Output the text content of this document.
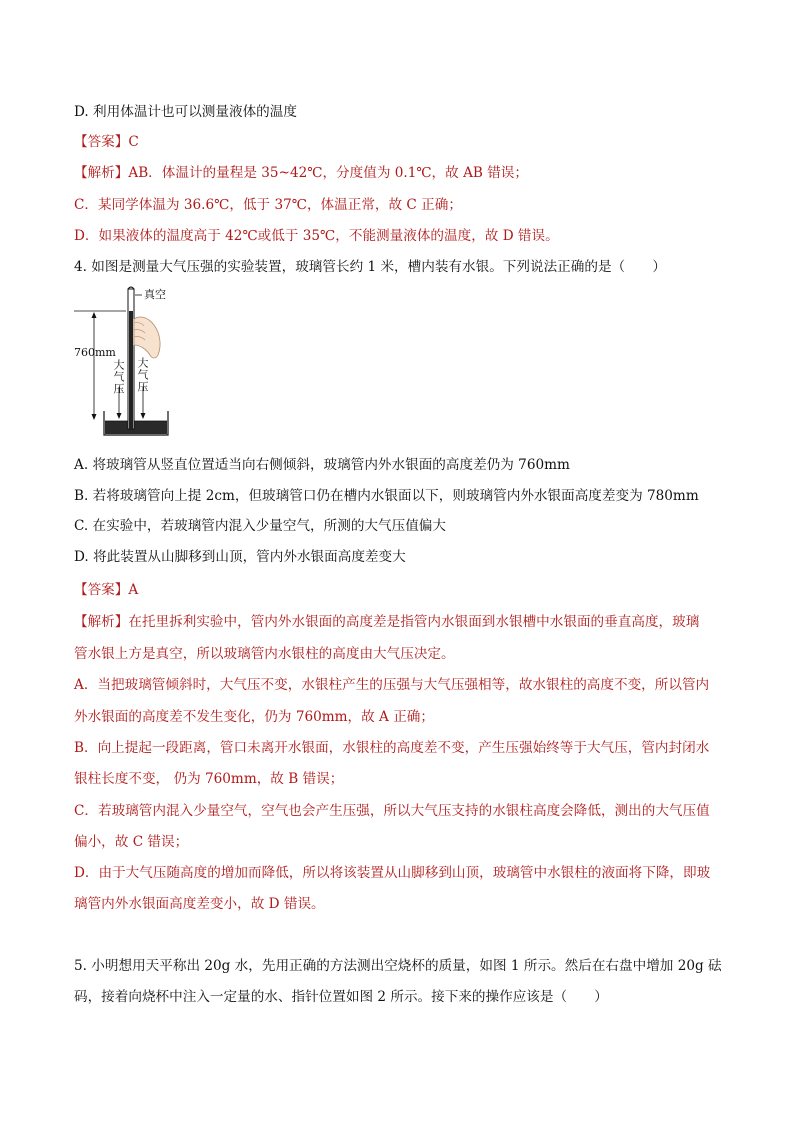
D. 利用体温计也可以测量液体的温度
【答案】C
【解析】AB．体温计的量程是 35~42℃，分度值为 0.1℃，故 AB 错误；
C．某同学体温为 36.6℃，低于 37℃，体温正常，故 C 正确；
D．如果液体的温度高于 42℃或低于 35℃，不能测量液体的温度，故 D 错误。
4. 如图是测量大气压强的实验装置，玻璃管长约 1 米，槽内装有水银。下列说法正确的是（　　）
真空
760mm
大气压 大气压
A. 将玻璃管从竖直位置适当向右侧倾斜，玻璃管内外水银面的高度差仍为 760mm
B. 若将玻璃管向上提 2cm，但玻璃管口仍在槽内水银面以下，则玻璃管内外水银面高度差变为 780mm
C. 在实验中，若玻璃管内混入少量空气，所测的大气压值偏大
D. 将此装置从山脚移到山顶，管内外水银面高度差变大
【答案】A
【解析】在托里拆利实验中，管内外水银面的高度差是指管内水银面到水银槽中水银面的垂直高度，玻璃
管水银上方是真空，所以玻璃管内水银柱的高度由大气压决定。
A．当把玻璃管倾斜时，大气压不变，水银柱产生的压强与大气压强相等，故水银柱的高度不变，所以管内
外水银面的高度差不发生变化，仍为 760mm，故 A 正确；
B．向上提起一段距离，管口未离开水银面，水银柱的高度差不变，产生压强始终等于大气压，管内封闭水
银柱长度不变， 仍为 760mm，故 B 错误；
C．若玻璃管内混入少量空气，空气也会产生压强，所以大气压支持的水银柱高度会降低，测出的大气压值
偏小，故 C 错误；
D．由于大气压随高度的增加而降低，所以将该装置从山脚移到山顶，玻璃管中水银柱的液面将下降，即玻
璃管内外水银面高度差变小，故 D 错误。
5. 小明想用天平称出 20g 水，先用正确的方法测出空烧杯的质量，如图 1 所示。然后在右盘中增加 20g 砝
码，接着向烧杯中注入一定量的水、指针位置如图 2 所示。接下来的操作应该是（　　）
